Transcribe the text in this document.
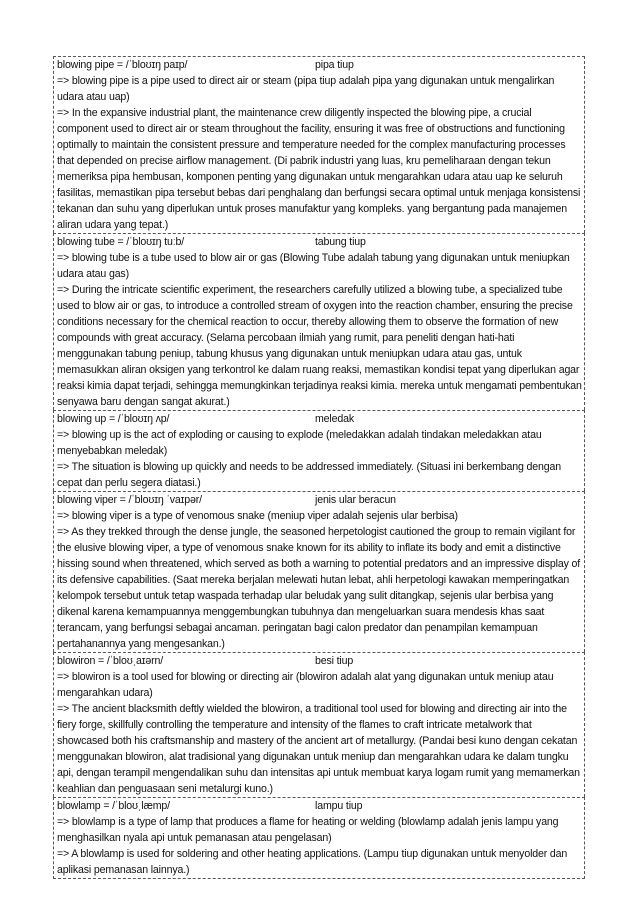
blowing pipe = /ˈbloʊɪŋ paɪp/	pipa tiup

=> blowing pipe is a pipe used to direct air or steam (pipa tiup adalah pipa yang digunakan untuk mengalirkan udara atau uap)

=> In the expansive industrial plant, the maintenance crew diligently inspected the blowing pipe, a crucial component used to direct air or steam throughout the facility, ensuring it was free of obstructions and functioning optimally to maintain the consistent pressure and temperature needed for the complex manufacturing processes that depended on precise airflow management. (Di pabrik industri yang luas, kru pemeliharaan dengan tekun memeriksa pipa hembusan, komponen penting yang digunakan untuk mengarahkan udara atau uap ke seluruh fasilitas, memastikan pipa tersebut bebas dari penghalang dan berfungsi secara optimal untuk menjaga konsistensi tekanan dan suhu yang diperlukan untuk proses manufaktur yang kompleks. yang bergantung pada manajemen aliran udara yang tepat.)

blowing tube = /ˈbloʊɪŋ tuːb/	tabung tiup

=> blowing tube is a tube used to blow air or gas (Blowing Tube adalah tabung yang digunakan untuk meniupkan udara atau gas)

=> During the intricate scientific experiment, the researchers carefully utilized a blowing tube, a specialized tube used to blow air or gas, to introduce a controlled stream of oxygen into the reaction chamber, ensuring the precise conditions necessary for the chemical reaction to occur, thereby allowing them to observe the formation of new compounds with great accuracy. (Selama percobaan ilmiah yang rumit, para peneliti dengan hati-hati menggunakan tabung peniup, tabung khusus yang digunakan untuk meniupkan udara atau gas, untuk memasukkan aliran oksigen yang terkontrol ke dalam ruang reaksi, memastikan kondisi tepat yang diperlukan agar reaksi kimia dapat terjadi, sehingga memungkinkan terjadinya reaksi kimia. mereka untuk mengamati pembentukan senyawa baru dengan sangat akurat.)

blowing up = /ˈbloʊɪŋ ʌp/	meledak

=> blowing up is the act of exploding or causing to explode (meledakkan adalah tindakan meledakkan atau menyebabkan meledak)

=> The situation is blowing up quickly and needs to be addressed immediately. (Situasi ini berkembang dengan cepat dan perlu segera diatasi.)

blowing viper = /ˈbloʊɪŋ ˈvaɪpər/	jenis ular beracun

=> blowing viper is a type of venomous snake (meniup viper adalah sejenis ular berbisa)

=> As they trekked through the dense jungle, the seasoned herpetologist cautioned the group to remain vigilant for the elusive blowing viper, a type of venomous snake known for its ability to inflate its body and emit a distinctive hissing sound when threatened, which served as both a warning to potential predators and an impressive display of its defensive capabilities. (Saat mereka berjalan melewati hutan lebat, ahli herpetologi kawakan memperingatkan kelompok tersebut untuk tetap waspada terhadap ular beludak yang sulit ditangkap, sejenis ular berbisa yang dikenal karena kemampuannya menggembungkan tubuhnya dan mengeluarkan suara mendesis khas saat terancam, yang berfungsi sebagai ancaman. peringatan bagi calon predator dan penampilan kemampuan pertahanannya yang mengesankan.)

blowiron = /ˈbloʊˌaɪərn/	besi tiup

=> blowiron is a tool used for blowing or directing air (blowiron adalah alat yang digunakan untuk meniup atau mengarahkan udara)

=> The ancient blacksmith deftly wielded the blowiron, a traditional tool used for blowing and directing air into the fiery forge, skillfully controlling the temperature and intensity of the flames to craft intricate metalwork that showcased both his craftsmanship and mastery of the ancient art of metallurgy. (Pandai besi kuno dengan cekatan menggunakan blowiron, alat tradisional yang digunakan untuk meniup dan mengarahkan udara ke dalam tungku api, dengan terampil mengendalikan suhu dan intensitas api untuk membuat karya logam rumit yang memamerkan keahlian dan penguasaan seni metalurgi kuno.)

blowlamp = /ˈbloʊˌlæmp/	lampu tiup

=> blowlamp is a type of lamp that produces a flame for heating or welding (blowlamp adalah jenis lampu yang menghasilkan nyala api untuk pemanasan atau pengelasan)

=> A blowlamp is used for soldering and other heating applications. (Lampu tiup digunakan untuk menyolder dan aplikasi pemanasan lainnya.)
